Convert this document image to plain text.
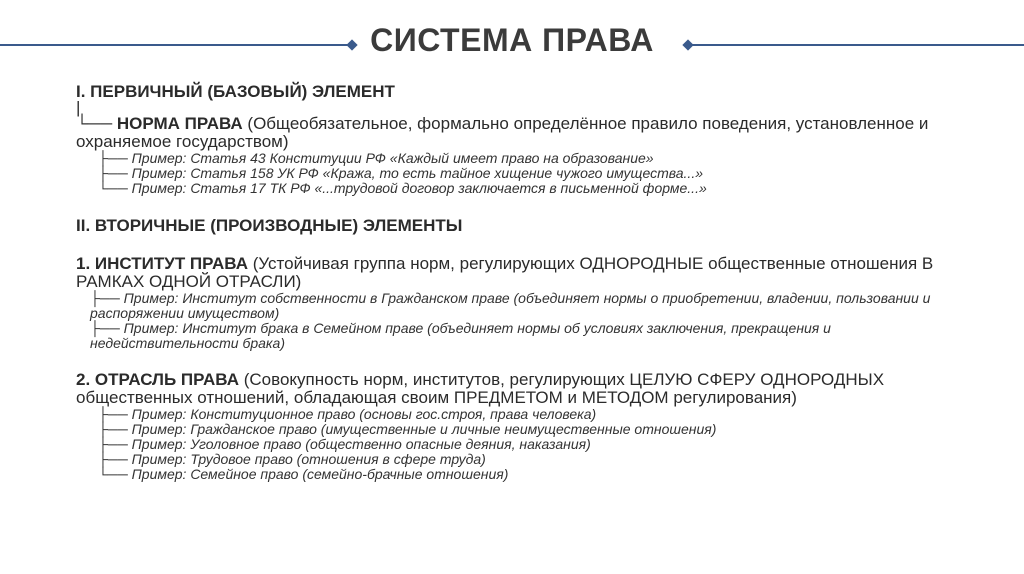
СИСТЕМА ПРАВА

I. ПЕРВИЧНЫЙ (БАЗОВЫЙ) ЭЛЕМЕНТ

|

└── НОРМА ПРАВА (Общеобязательное, формально определённое правило поведения, установленное и охраняемое государством)

├── Пример: Статья 43 Конституции РФ «Каждый имеет право на образование»

├── Пример: Статья 158 УК РФ «Кража, то есть тайное хищение чужого имущества...»

└── Пример: Статья 17 ТК РФ «...трудовой договор заключается в письменной форме...»

II. ВТОРИЧНЫЕ (ПРОИЗВОДНЫЕ) ЭЛЕМЕНТЫ

1. ИНСТИТУТ ПРАВА (Устойчивая группа норм, регулирующих ОДНОРОДНЫЕ общественные отношения В РАМКАХ ОДНОЙ ОТРАСЛИ)

├── Пример: Институт собственности в Гражданском праве (объединяет нормы о приобретении, владении, пользовании и распоряжении имуществом)

├── Пример: Институт брака в Семейном праве (объединяет нормы об условиях заключения, прекращения и недействительности брака)

2. ОТРАСЛЬ ПРАВА (Совокупность норм, институтов, регулирующих ЦЕЛУЮ СФЕРУ ОДНОРОДНЫХ общественных отношений, обладающая своим ПРЕДМЕТОМ и МЕТОДОМ регулирования)

├── Пример: Конституционное право (основы гос.строя, права человека)

├── Пример: Гражданское право (имущественные и личные неимущественные отношения)

├── Пример: Уголовное право (общественно опасные деяния, наказания)

├── Пример: Трудовое право (отношения в сфере труда)

└── Пример: Семейное право (семейно-брачные отношения)
